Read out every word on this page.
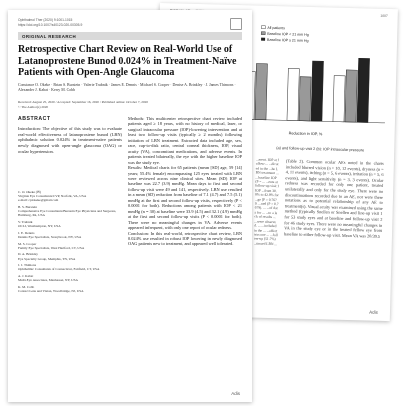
1007
All patients
Baseline IOP < 21 mm Hg
Baseline IOP ≥ 21 mm Hg
Reduction in IOP, %
(a) and follow-up visit 2 (b): IOP intraocular pressure
...erent. IOP at follow-... ...dicated in the ...he LBN treatment ... ...baseline IOP (P = ... ...ents at follow-up visit 1 IOP ...from 30.8% to 42.8% for ...ge [P = 0.7679. ...ned (P = 0.7679). ... ...of data for ... ...to a lack of results ... ...were observed. ... ...included in the ... ...effect was one ... ...follow-up (51.7%) ...tinued LBN ...
(Table 2). Common ocular AEs noted in the charts included blurred vision (n = 10, 12 events), dryness (n = 4, 11 events), itching (n = 5, 6 events), irritation (n = 5, 6 events), and light sensitivity (n = 3, 3 events). Ocular redness was recorded for only one patient, treated unilaterally and only for the study eye. There were no discontinuations recorded due to an AE, nor were there notations as to potential relationship of any AE to treatment(s). Visual acuity was examined using the same method (typically Snellen or Snellen and line-up visit 1 for 53 study eyes and at baseline and follow-up visit 2 for 46 study eyes. There were no meaningful changes in VA in the study eye or in the treated fellow eye from baseline to either follow-up visit. Mean VA was 20/39.5
Adis
Ophthalmol Ther (2020) 9:1001-1015
https://doi.org/10.1007/s40123-020-00305-9
ORIGINAL RESEARCH
Retrospective Chart Review on Real-World Use of Latanoprostene Bunod 0.024% in Treatment-Naïve Patients with Open-Angle Glaucoma
Constance O. Okeke · Brian S. Burstein · Valerie Trubnik · James E. Dennis · Michael S. Cooper · Denise A. Brinkley · J. James Thimons · Alexander J. Kabat · Kerry M. Cobb
Received: August 25, 2020 / Accepted: September 16, 2020 / Published online: October 7, 2020
© The Author(s) 2020
ABSTRACT
Introduction: The objective of this study was to evaluate real-world effectiveness of latanoprostene bunod (LBN) ophthalmic solution 0.024% in treatment-naïve patients newly diagnosed with open-angle glaucoma (OAG) or ocular hypertension.
C. O. Okeke (✉)
Virginia Eye Consultants/CVP, Norfolk, VA, USA
e-mail: cplokeke@gmail.com
B. S. Burstein
Comprehensive Eye Consultants/Burstein Eye Physicians and Surgeons, Hamburg, PA, USA
V. Trubnik
OCLI, Westhampton, NY, USA
J. E. Dennis
Dennis Eye Specialists, Stonybrook, NY, USA
M. S. Cooper
Family Eye Specialists, West Hartford, CT, USA
D. A. Brinkley
Eye Specialty Group, Memphis, TN, USA
J. J. Thimons
Ophthalmic Consultants of Connecticut, Fairfield, CT, USA
A. J. Kabat
Multi-Eye Associates, Manhasset, NY, USA
K. M. Cobb
Contact Lens and Vision, Woodbridge, NJ, USA
Methods: This multicenter retrospective chart review included patients aged ≥ 18 years, with no history of medical, laser, or surgical intraocular pressure (IOP)-lowering intervention and at least two follow-up visits (typically ≥ 2 months) following initiation of LBN treatment. Extracted data included age, sex, race, cup-to-disk ratio, central corneal thickness, IOP, visual acuity (VA), concomitant medications, and adverse events. In patients treated bilaterally, the eye with the higher baseline IOP was the study eye.
Results: Medical charts for 65 patients (mean [SD] age, 59 [14] years; 55.4% female) encompassing 125 eyes treated with LBN were reviewed across nine clinical sites. Mean (SD) IOP at baseline was 22.7 (3.9) mmHg. Mean days to first and second follow-up visit were 49 and 141, respectively. LBN use resulted in a mean (SD) reduction from baseline of 7.1 (4.7) and 7.5 (5.1) mmHg at the first and second follow-up visits, respectively (P < 0.0001 for both). Reductions among patients with IOP < 21 mmHg (n = 30) at baseline were 33.9 (4.5) and 32.1 (4.9) mmHg at the first and second follow-up visits (P < 0.0001 for both). There were no meaningful changes in VA. Adverse events appeared infrequent, with only one report of ocular redness.
Conclusion: In this real-world, retrospective chart review, LBN 0.024% use resulted in robust IOP lowering in newly diagnosed OAG patients new to treatment, and appeared well tolerated.
Adis
